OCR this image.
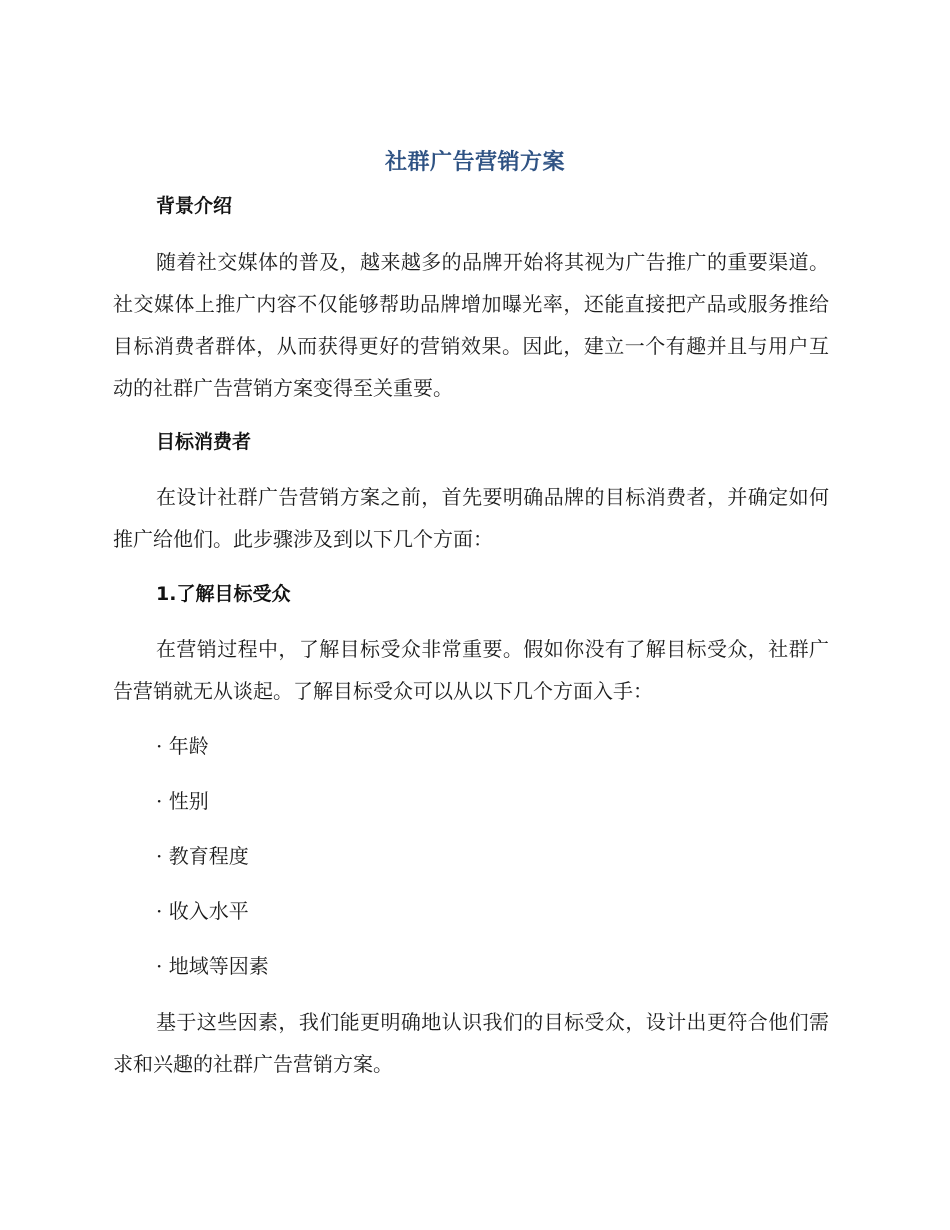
社群广告营销方案
背景介绍
随着社交媒体的普及，越来越多的品牌开始将其视为广告推广的重要渠道。社交媒体上推广内容不仅能够帮助品牌增加曝光率，还能直接把产品或服务推给目标消费者群体，从而获得更好的营销效果。因此，建立一个有趣并且与用户互动的社群广告营销方案变得至关重要。
目标消费者
在设计社群广告营销方案之前，首先要明确品牌的目标消费者，并确定如何推广给他们。此步骤涉及到以下几个方面：
1.了解目标受众
在营销过程中，了解目标受众非常重要。假如你没有了解目标受众，社群广告营销就无从谈起。了解目标受众可以从以下几个方面入手：
· 年龄
· 性别
· 教育程度
· 收入水平
· 地域等因素
基于这些因素，我们能更明确地认识我们的目标受众，设计出更符合他们需求和兴趣的社群广告营销方案。
